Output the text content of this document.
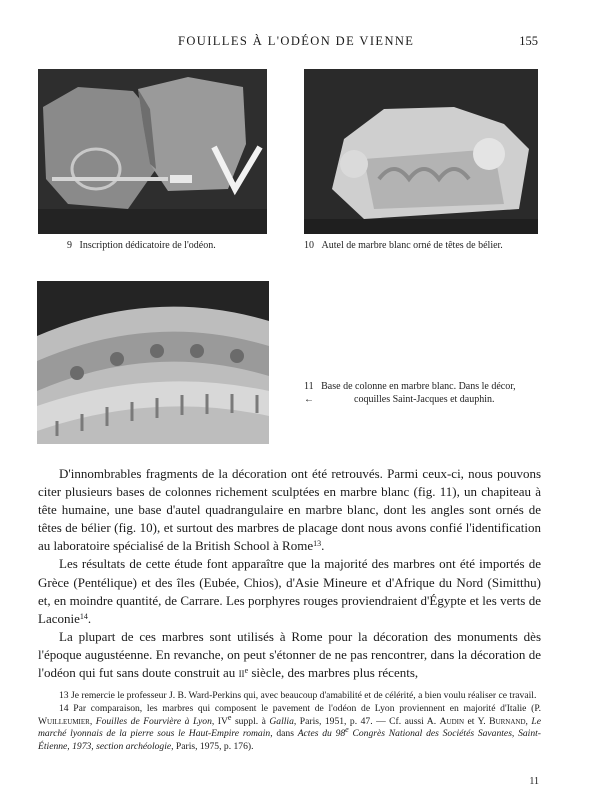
FOUILLES À L'ODÉON DE VIENNE	155
9 Inscription dédicatoire de l'odéon.	10 Autel de marbre blanc orné de têtes de bélier.
11 Base de colonne en marbre blanc. Dans le décor,
←	coquilles Saint-Jacques et dauphin.

D'innombrables fragments de la décoration ont été retrouvés. Parmi ceux-ci, nous pouvons citer plusieurs bases de colonnes richement sculptées en marbre blanc (fig. 11), un chapiteau à tête humaine, une base d'autel quadrangulaire en marbre blanc, dont les angles sont ornés de têtes de bélier (fig. 10), et surtout des marbres de placage dont nous avons confié l'identification au laboratoire spécialisé de la British School à Rome$^{13}$.

Les résultats de cette étude font apparaître que la majorité des marbres ont été importés de Grèce (Pentélique) et des îles (Eubée, Chios), d'Asie Mineure et d'Afrique du Nord (Simitthu) et, en moindre quantité, de Carrare. Les porphyres rouges proviendraient d'Égypte et les verts de Laconie$^{14}$.

La plupart de ces marbres sont utilisés à Rome pour la décoration des monuments dès l'époque augustéenne. En revanche, on peut s'étonner de ne pas rencontrer, dans la décoration de l'odéon qui fut sans doute construit au $ii^e$ siècle, des marbres plus récents,

13 Je remercie le professeur J. B. Ward-Perkins qui, avec beaucoup d'amabilité et de célérité, a bien voulu réaliser ce travail.

14 Par comparaison, les marbres qui composent le pavement de l'odéon de Lyon proviennent en majorité d'Italie (P. Wuilleumier, Fouilles de Fourvière à Lyon, IVe suppl. à Gallia, Paris, 1951, p. 47. — Cf. aussi A. Audin et Y. Burnand, Le marché lyonnais de la pierre sous le Haut-Empire romain, dans Actes du 98e Congrès National des Sociétés Savantes, Saint-Étienne, 1973, section archéologie, Paris, 1975, p. 176).

11
